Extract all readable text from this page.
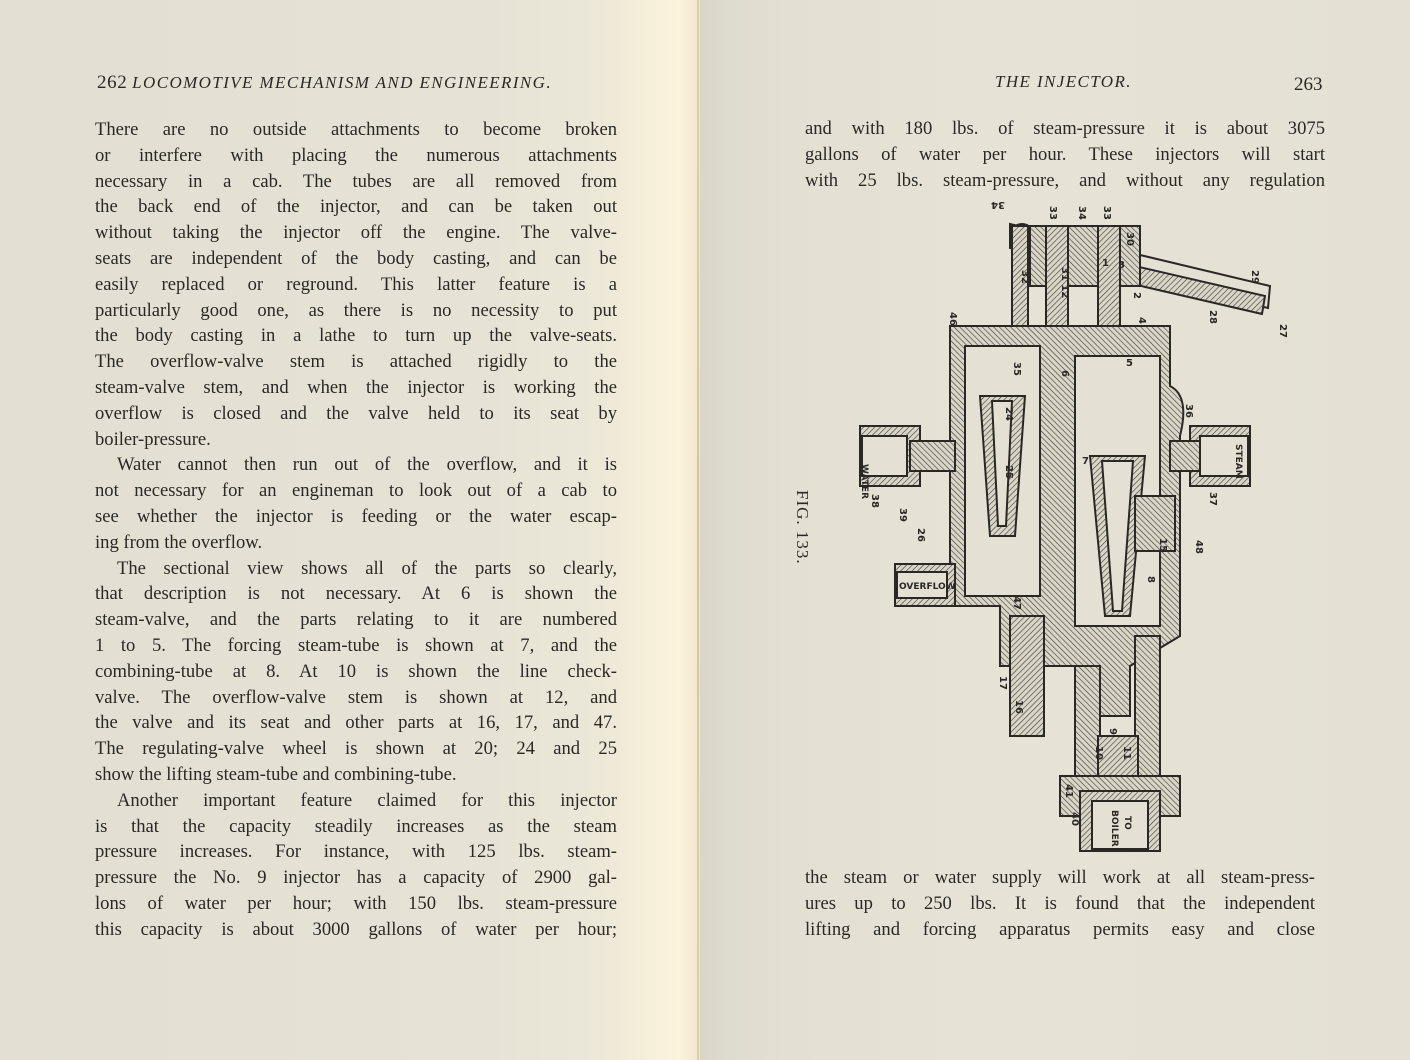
262 LOCOMOTIVE MECHANISM AND ENGINEERING.	THE INJECTOR.	263
There are no outside attachments to become broken
or interfere with placing the numerous attachments
necessary in a cab. The tubes are all removed from
the back end of the injector, and can be taken out
without taking the injector off the engine. The valve-
seats are independent of the body casting, and can be
easily replaced or reground. This latter feature is a
particularly good one, as there is no necessity to put
the body casting in a lathe to turn up the valve-seats.
The overflow-valve stem is attached rigidly to the
steam-valve stem, and when the injector is working the
overflow is closed and the valve held to its seat by
boiler-pressure.
Water cannot then run out of the overflow, and it is
not necessary for an engineman to look out of a cab to
see whether the injector is feeding or the water escap-
ing from the overflow.
The sectional view shows all of the parts so clearly,
that description is not necessary. At 6 is shown the
steam-valve, and the parts relating to it are numbered
1 to 5. The forcing steam-tube is shown at 7, and the
combining-tube at 8. At 10 is shown the line check-
valve. The overflow-valve stem is shown at 12, and
the valve and its seat and other parts at 16, 17, and 47.
The regulating-valve wheel is shown at 20; 24 and 25
show the lifting steam-tube and combining-tube.
Another important feature claimed for this injector
is that the capacity steadily increases as the steam
pressure increases. For instance, with 125 lbs. steam-
pressure the No. 9 injector has a capacity of 2900 gal-
lons of water per hour; with 150 lbs. steam-pressure
this capacity is about 3000 gallons of water per hour;
and with 180 lbs. of steam-pressure it is about 3075
gallons of water per hour. These injectors will start
with 25 lbs. steam-pressure, and without any regulation
FIG. 133.
WATER
STEAM
OVERFLOW
TO
BOILER
34
33 34 33
30
32	31 12
1 3
2
29
28
27
46	4
35	6
5
36
24
25
7
37
38
39
26
48
15
8
47
17
16
9
10 11
41
40
the steam or water supply will work at all steam-press-
ures up to 250 lbs. It is found that the independent
lifting and forcing apparatus permits easy and close
